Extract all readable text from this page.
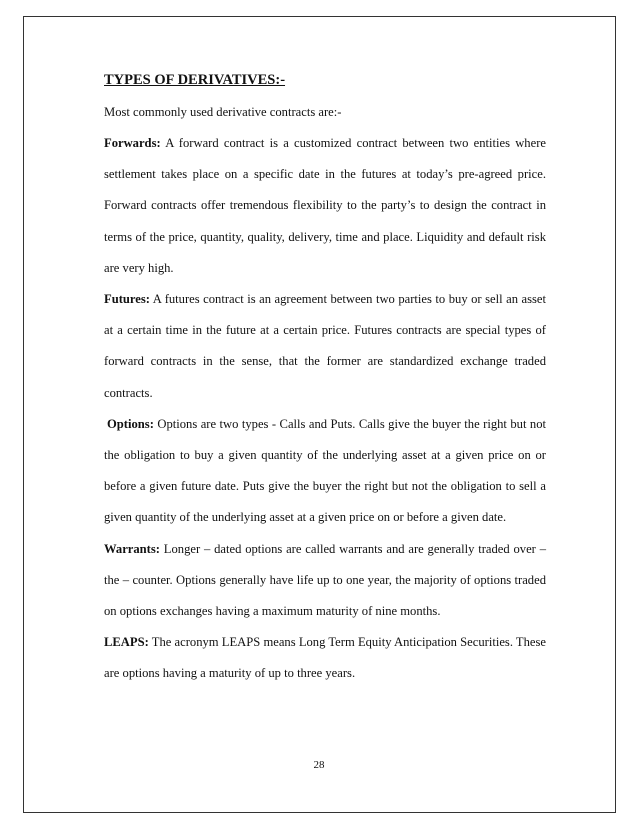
TYPES OF DERIVATIVES:-

Most commonly used derivative contracts are:-

Forwards: A forward contract is a customized contract between two entities where settlement takes place on a specific date in the futures at today’s pre-agreed price. Forward contracts offer tremendous flexibility to the party’s to design the contract in terms of the price, quantity, quality, delivery, time and place. Liquidity and default risk are very high.

Futures: A futures contract is an agreement between two parties to buy or sell an asset at a certain time in the future at a certain price. Futures contracts are special types of forward contracts in the sense, that the former are standardized exchange traded contracts.

Options: Options are two types - Calls and Puts. Calls give the buyer the right but not the obligation to buy a given quantity of the underlying asset at a given price on or before a given future date. Puts give the buyer the right but not the obligation to sell a given quantity of the underlying asset at a given price on or before a given date.

Warrants: Longer – dated options are called warrants and are generally traded over – the – counter. Options generally have life up to one year, the majority of options traded on options exchanges having a maximum maturity of nine months.

LEAPS: The acronym LEAPS means Long Term Equity Anticipation Securities. These are options having a maturity of up to three years.

28
